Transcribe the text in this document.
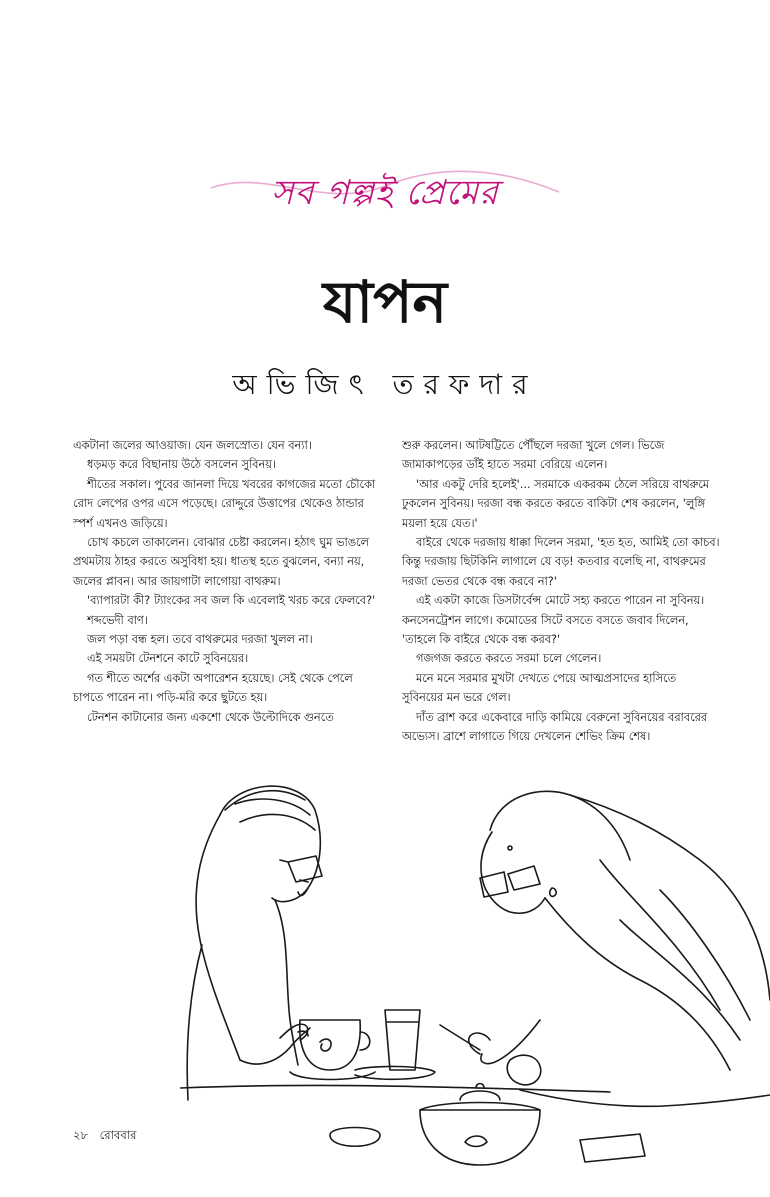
সব গল্পই প্রেমের
যাপন
অভিজিৎ তরফদার

একটানা জলের আওয়াজ। যেন জলস্রোত। যেন বন্যা।

ধড়মড় করে বিছানায় উঠে বসলেন সুবিনয়।

শীতের সকাল। পুবের জানলা দিয়ে খবরের কাগজের মতো চৌকো রোদ লেপের ওপর এসে পড়েছে। রোদ্দুরে উত্তাপের থেকেও ঠান্ডার স্পর্শ এখনও জড়িয়ে।

চোখ কচলে তাকালেন। বোঝার চেষ্টা করলেন। হঠাৎ ঘুম ভাঙলে প্রথমটায় ঠাহর করতে অসুবিধা হয়। ধাতস্থ হতে বুঝলেন, বন্যা নয়, জলের প্লাবন। আর জায়গাটা লাগোয়া বাথরুম।

'ব্যাপারটা কী? ট্যাংকের সব জল কি এবেলাই খরচ করে ফেলবে?'

শব্দভেদী বাণ।

জল পড়া বন্ধ হল। তবে বাথরুমের দরজা খুলল না।

এই সময়টা টেনশনে কাটে সুবিনয়ের।

গত শীতে অর্শের একটা অপারেশন হয়েছে। সেই থেকে পেলে চাপতে পারেন না। পড়ি-মরি করে ছুটতে হয়।

টেনশন কাটানোর জন্য একশো থেকে উল্টোদিকে গুনতে

শুরু করলেন। আটষট্টিতে পৌঁছলে দরজা খুলে গেল। ভিজে জামাকাপড়ের ডাঁই হাতে সরমা বেরিয়ে এলেন।

'আর একটু দেরি হলেই'... সরমাকে একরকম ঠেলে সরিয়ে বাথরুমে ঢুকলেন সুবিনয়। দরজা বন্ধ করতে করতে বাকিটা শেষ করলেন, 'লুঙ্গি ময়লা হয়ে যেত।'

বাইরে থেকে দরজায় ধাক্কা দিলেন সরমা, 'হত হত, আমিই তো কাচব। কিন্তু দরজায় ছিটকিনি লাগালে যে বড়! কতবার বলেছি না, বাথরুমের দরজা ভেতর থেকে বন্ধ করবে না?'

এই একটা কাজে ডিসটার্বেন্স মোটে সহ্য করতে পারেন না সুবিনয়। কনসেনট্রেশন লাগে। কমোডের সিটে বসতে বসতে জবাব দিলেন, 'তাহলে কি বাইরে থেকে বন্ধ করব?'

গজগজ করতে করতে সরমা চলে গেলেন।

মনে মনে সরমার মুখটা দেখতে পেয়ে আত্মপ্রসাদের হাসিতে সুবিনয়ের মন ভরে গেল।

দাঁত ব্রাশ করে একেবারে দাড়ি কামিয়ে বেরুনো সুবিনয়ের বরাবরের অভ্যেস। ব্রাশে লাগাতে গিয়ে দেখলেন শেভিং ক্রিম শেষ।

২৮ রোববার
